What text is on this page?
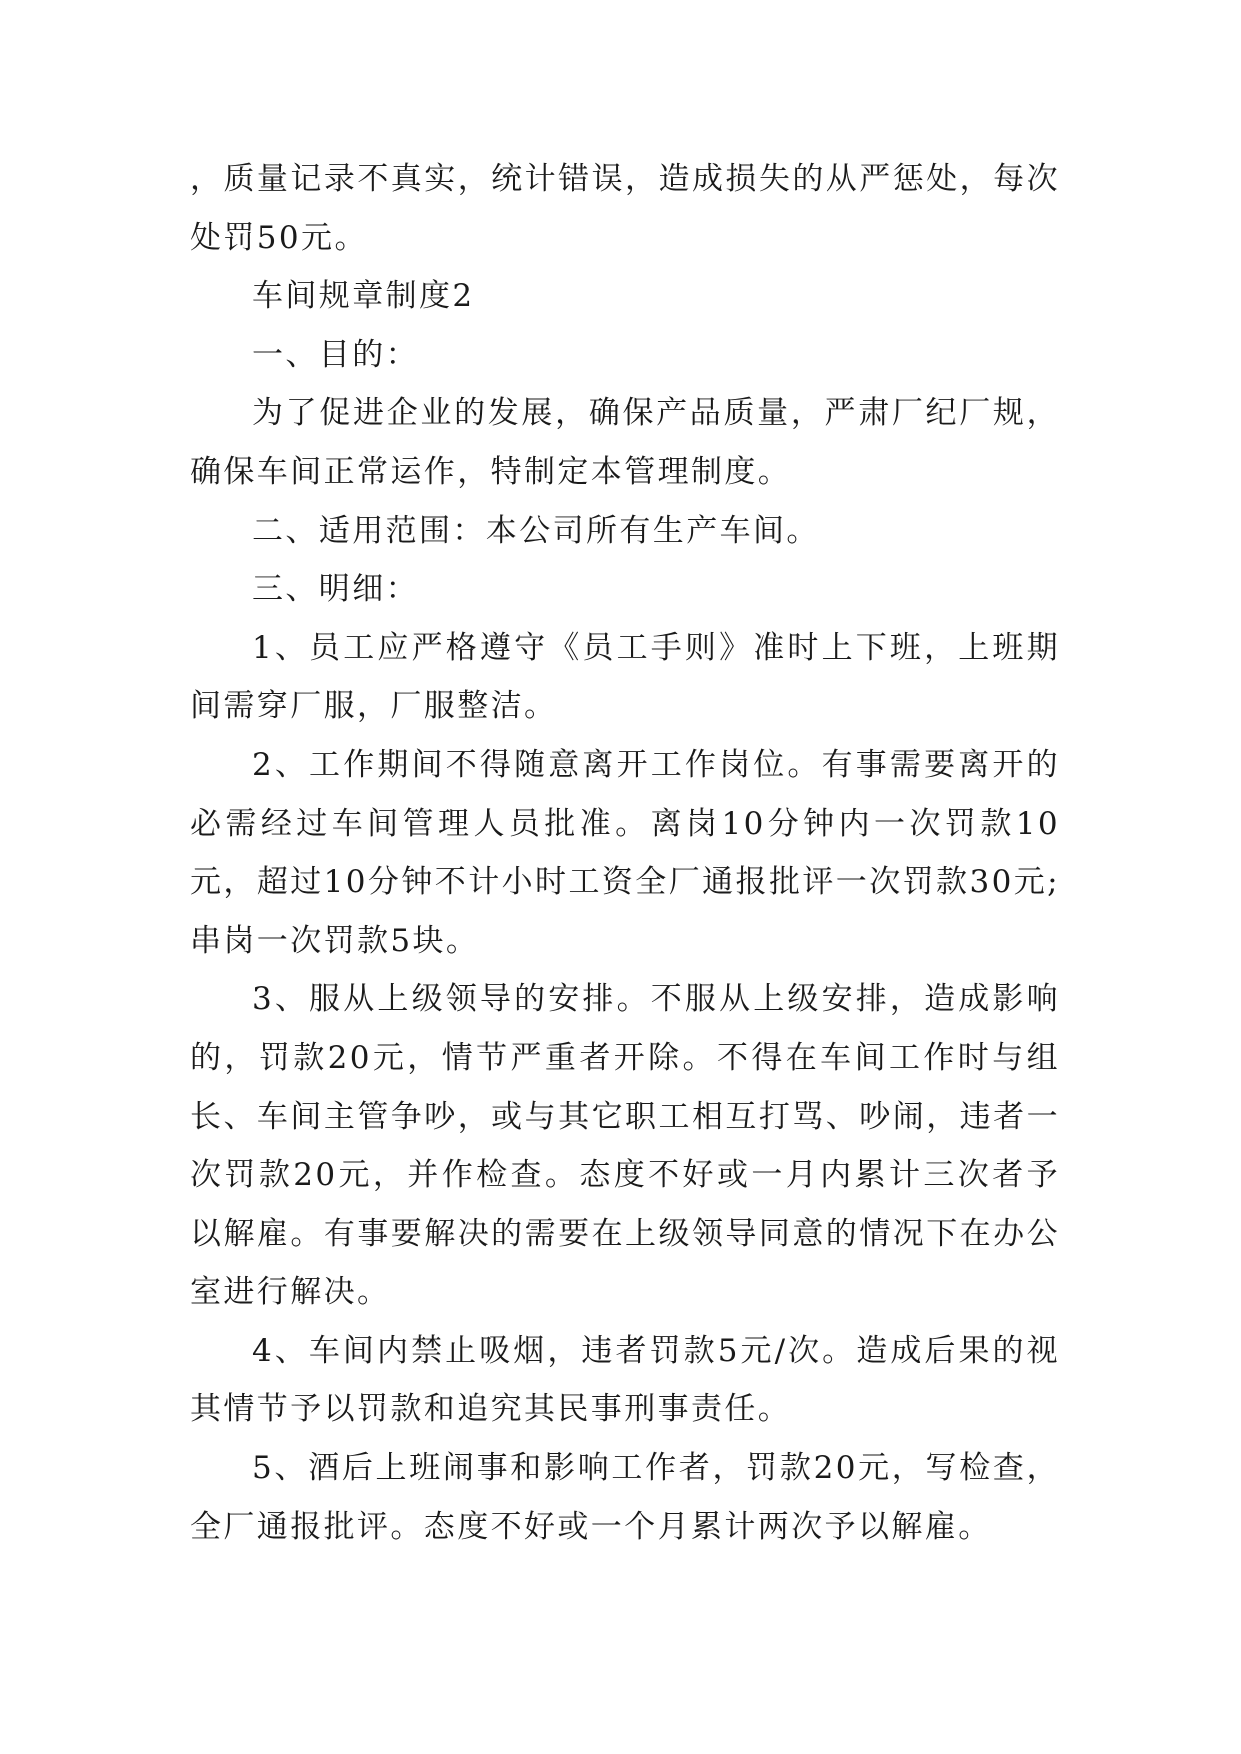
，质量记录不真实，统计错误，造成损失的从严惩处，每次处罚50元。

车间规章制度2

一、目的：

为了促进企业的发展，确保产品质量，严肃厂纪厂规，确保车间正常运作，特制定本管理制度。

二、适用范围：本公司所有生产车间。

三、明细：

1、员工应严格遵守《员工手则》准时上下班，上班期间需穿厂服，厂服整洁。

2、工作期间不得随意离开工作岗位。有事需要离开的必需经过车间管理人员批准。离岗10分钟内一次罚款10元，超过10分钟不计小时工资全厂通报批评一次罚款30元;串岗一次罚款5块。

3、服从上级领导的安排。不服从上级安排，造成影响的，罚款20元，情节严重者开除。不得在车间工作时与组长、车间主管争吵，或与其它职工相互打骂、吵闹，违者一次罚款20元，并作检查。态度不好或一月内累计三次者予以解雇。有事要解决的需要在上级领导同意的情况下在办公室进行解决。

4、车间内禁止吸烟，违者罚款5元/次。造成后果的视其情节予以罚款和追究其民事刑事责任。

5、酒后上班闹事和影响工作者，罚款20元，写检查，全厂通报批评。态度不好或一个月累计两次予以解雇。
